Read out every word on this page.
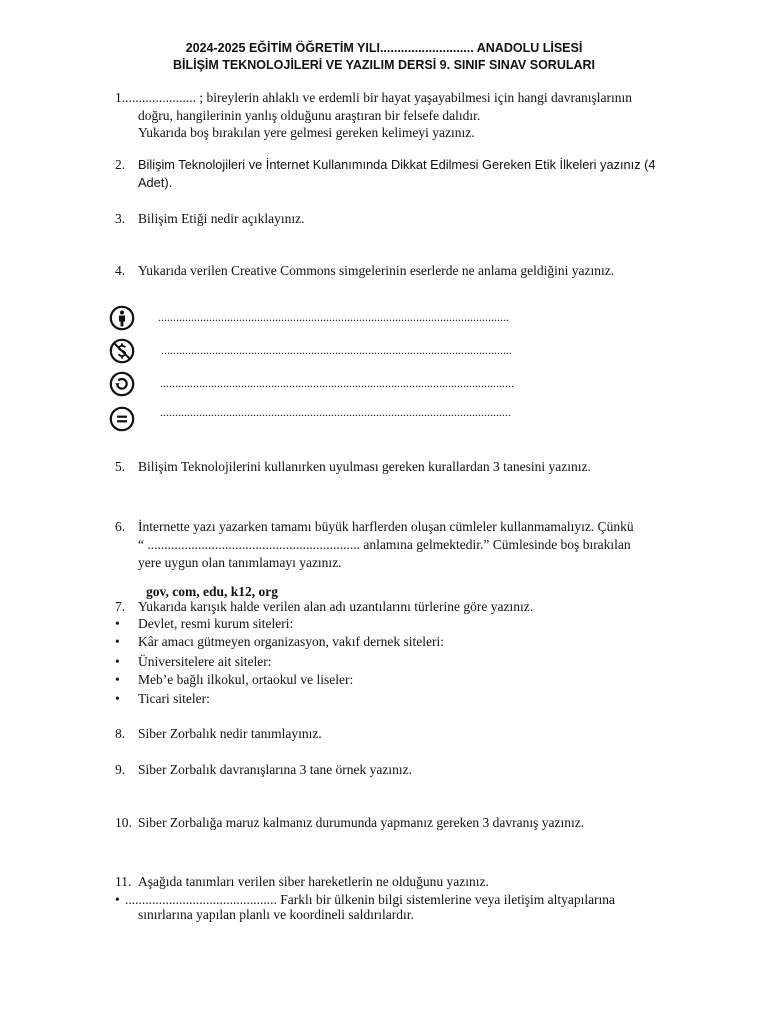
2024-2025 EĞİTİM ÖĞRETİM YILI........................... ANADOLU LİSESİ
BİLİŞİM TEKNOLOJİLERİ VE YAZILIM DERSİ 9. SINIF SINAV SORULARI
1...................... ; bireylerin ahlaklı ve erdemli bir hayat yaşayabilmesi için hangi davranışlarının
doğru, hangilerinin yanlış olduğunu araştıran bir felsefe dalıdır.
Yukarıda boş bırakılan yere gelmesi gereken kelimeyi yazınız.
2. Bilişim Teknolojileri ve İnternet Kullanımında Dikkat Edilmesi Gereken Etik İlkeleri yazınız (4
Adet).
3. Bilişim Etiği nedir açıklayınız.
4. Yukarıda verilen Creative Commons simgelerinin eserlerde ne anlama geldiğini yazınız.
.....................................................................................................................
.....................................................................................................................
......................................................................................................................
.....................................................................................................................
5. Bilişim Teknolojilerini kullanırken uyulması gereken kurallardan 3 tanesini yazınız.
6. İnternette yazı yazarken tamamı büyük harflerden oluşan cümleler kullanmamalıyız. Çünkü
“ ............................................................... anlamına gelmektedir.” Cümlesinde boş bırakılan
yere uygun olan tanımlamayı yazınız.
gov, com, edu, k12, org
7. Yukarıda karışık halde verilen alan adı uzantılarını türlerine göre yazınız.
• Devlet, resmi kurum siteleri:
• Kâr amacı gütmeyen organizasyon, vakıf dernek siteleri:
• Üniversitelere ait siteler:
• Meb’e bağlı ilkokul, ortaokul ve liseler:
• Ticari siteler:
8. Siber Zorbalık nedir tanımlayınız.
9. Siber Zorbalık davranışlarına 3 tane örnek yazınız.
10. Siber Zorbalığa maruz kalmanız durumunda yapmanız gereken 3 davranış yazınız.
11. Aşağıda tanımları verilen siber hareketlerin ne olduğunu yazınız.
• ............................................. Farklı bir ülkenin bilgi sistemlerine veya iletişim altyapılarına
sınırlarına yapılan planlı ve koordineli saldırılardır.
